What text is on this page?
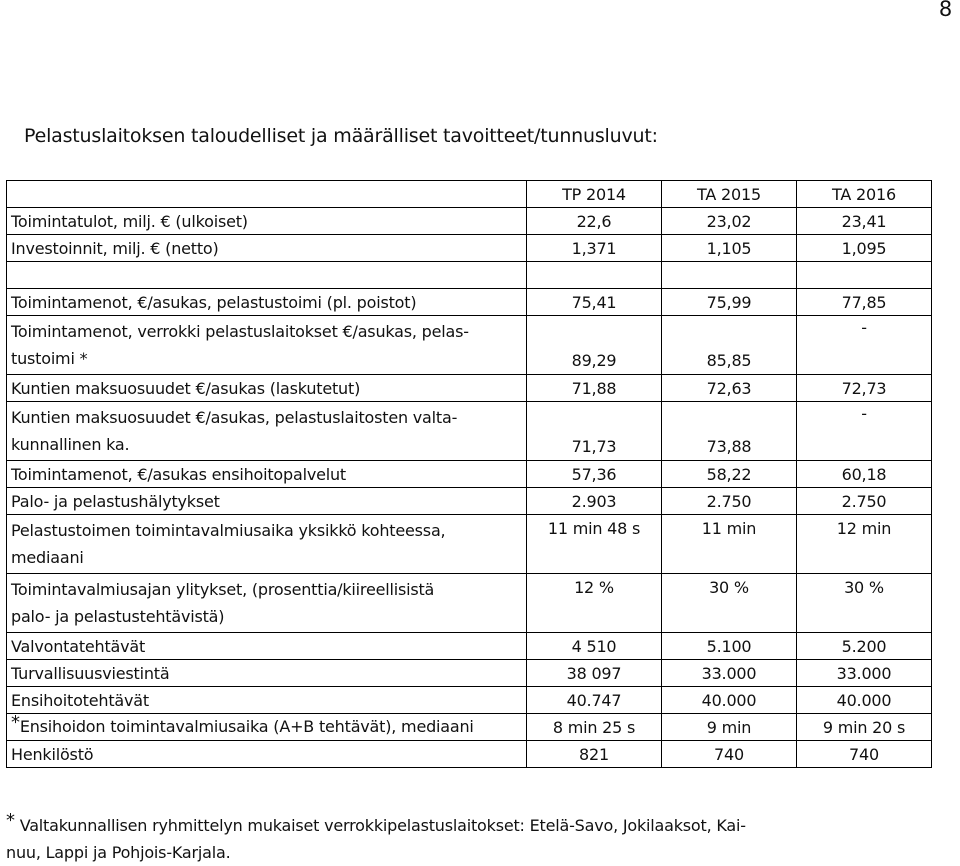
8
Pelastuslaitoksen taloudelliset ja määrälliset tavoitteet/tunnusluvut:
	TP 2014	TA 2015	TA 2016
Toimintatulot, milj. € (ulkoiset)	22,6	23,02	23,41
Investoinnit, milj. € (netto)	1,371	1,105	1,095

Toimintamenot, €/asukas, pelastustoimi (pl. poistot)	75,41	75,99	77,85

Toimintamenot, verrokki pelastuslaitokset €/asukas, pelas-
tustoimi *	89,29	85,85	-
Kuntien maksuosuudet €/asukas (laskutetut)	71,88	72,63	72,73

Kuntien maksuosuudet €/asukas, pelastuslaitosten valta-
kunnallinen ka.	71,73	73,88	-
Toimintamenot, €/asukas ensihoitopalvelut	57,36	58,22	60,18
Palo- ja pelastushälytykset	2.903	2.750	2.750

Pelastustoimen toimintavalmiusaika yksikkö kohteessa,
mediaani	11 min 48 s	11 min	12 min

Toimintavalmiusajan ylitykset, (prosenttia/kiireellisistä
palo- ja pelastustehtävistä)	12 %	30 %	30 %
Valvontatehtävät	4 510	5.100	5.200
Turvallisuusviestintä	38 097	33.000	33.000
Ensihoitotehtävät	40.747	40.000	40.000
*Ensihoidon toimintavalmiusaika (A+B tehtävät), mediaani	8 min 25 s	9 min	9 min 20 s
Henkilöstö	821	740	740
* Valtakunnallisen ryhmittelyn mukaiset verrokkipelastuslaitokset: Etelä-Savo, Jokilaaksot, Kai-
nuu, Lappi ja Pohjois-Karjala.
